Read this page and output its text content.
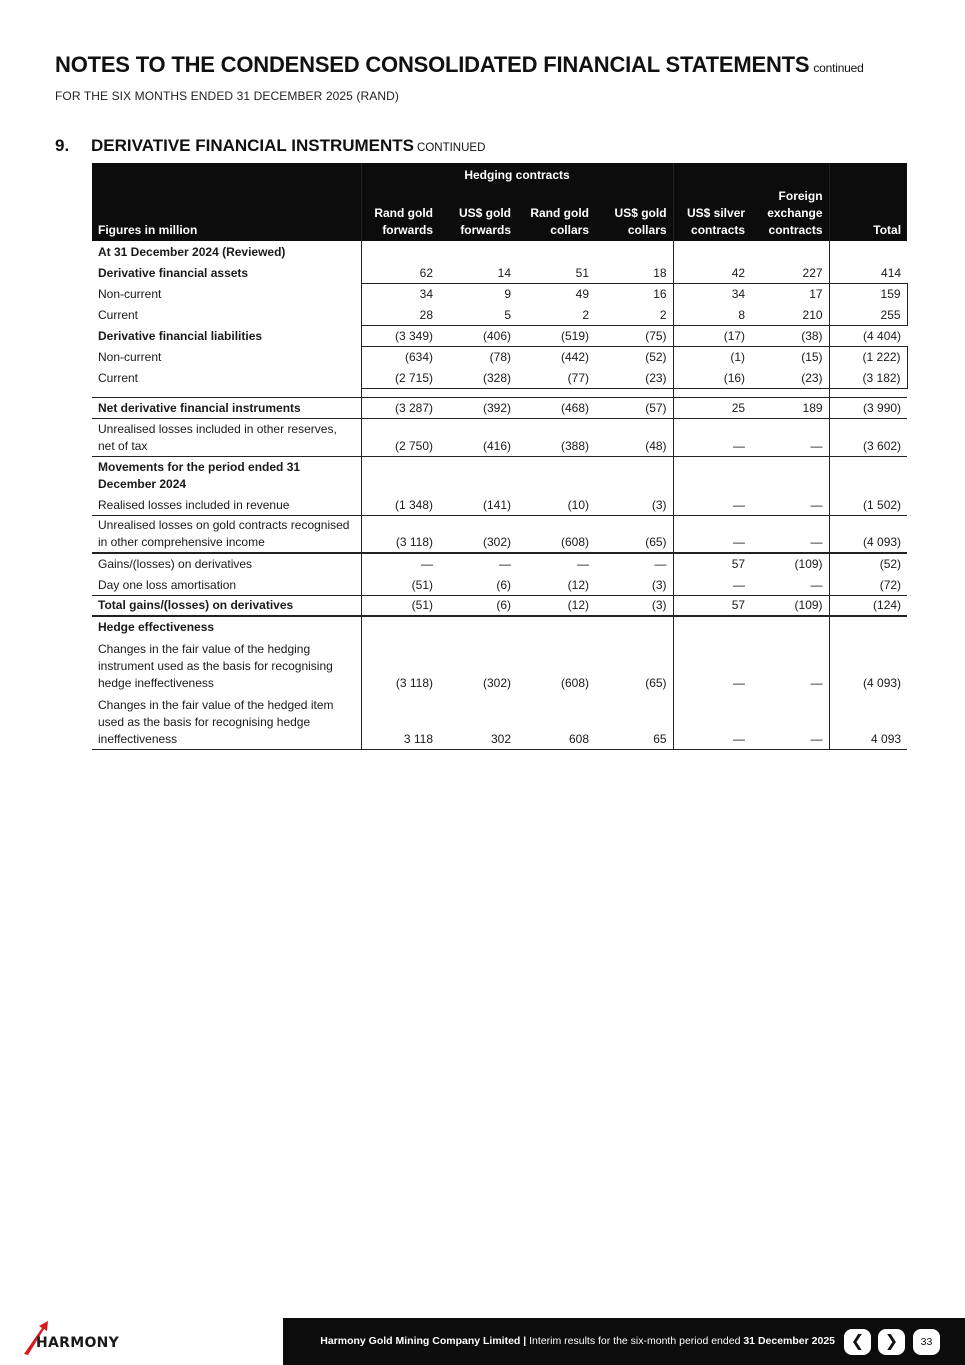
NOTES TO THE CONDENSED CONSOLIDATED FINANCIAL STATEMENTS continued
FOR THE SIX MONTHS ENDED 31 DECEMBER 2025 (RAND)
9. DERIVATIVE FINANCIAL INSTRUMENTS CONTINUED
	Hedging contracts						
Figures in million	Rand gold forwards	US$ gold forwards	Rand gold collars	US$ gold collars	US$ silver contracts	Foreign exchange contracts	Total
At 31 December 2024 (Reviewed)							
Derivative financial assets	62	14	51	18	42	227	414
Non-current	34	9	49	16	34	17	159
Current	28	5	2	2	8	210	255
Derivative financial liabilities	(3 349)	(406)	(519)	(75)	(17)	(38)	(4 404)
Non-current	(634)	(78)	(442)	(52)	(1)	(15)	(1 222)
Current	(2 715)	(328)	(77)	(23)	(16)	(23)	(3 182)

Net derivative financial instruments	(3 287)	(392)	(468)	(57)	25	189	(3 990)
Unrealised losses included in other reserves, net of tax	(2 750)	(416)	(388)	(48)	—	—	(3 602)
Movements for the period ended 31 December 2024							
Realised losses included in revenue	(1 348)	(141)	(10)	(3)	—	—	(1 502)
Unrealised losses on gold contracts recognised in other comprehensive income	(3 118)	(302)	(608)	(65)	—	—	(4 093)
Gains/(losses) on derivatives	—	—	—	—	57	(109)	(52)
Day one loss amortisation	(51)	(6)	(12)	(3)	—	—	(72)
Total gains/(losses) on derivatives	(51)	(6)	(12)	(3)	57	(109)	(124)
Hedge effectiveness							
Changes in the fair value of the hedging instrument used as the basis for recognising hedge ineffectiveness	(3 118)	(302)	(608)	(65)	—	—	(4 093)
Changes in the fair value of the hedged item used as the basis for recognising hedge ineffectiveness	3 118	302	608	65	—	—	4 093
HARMONY	Harmony Gold Mining Company Limited | Interim results for the six-month period ended 31 December 2025 ❮	❯	33
